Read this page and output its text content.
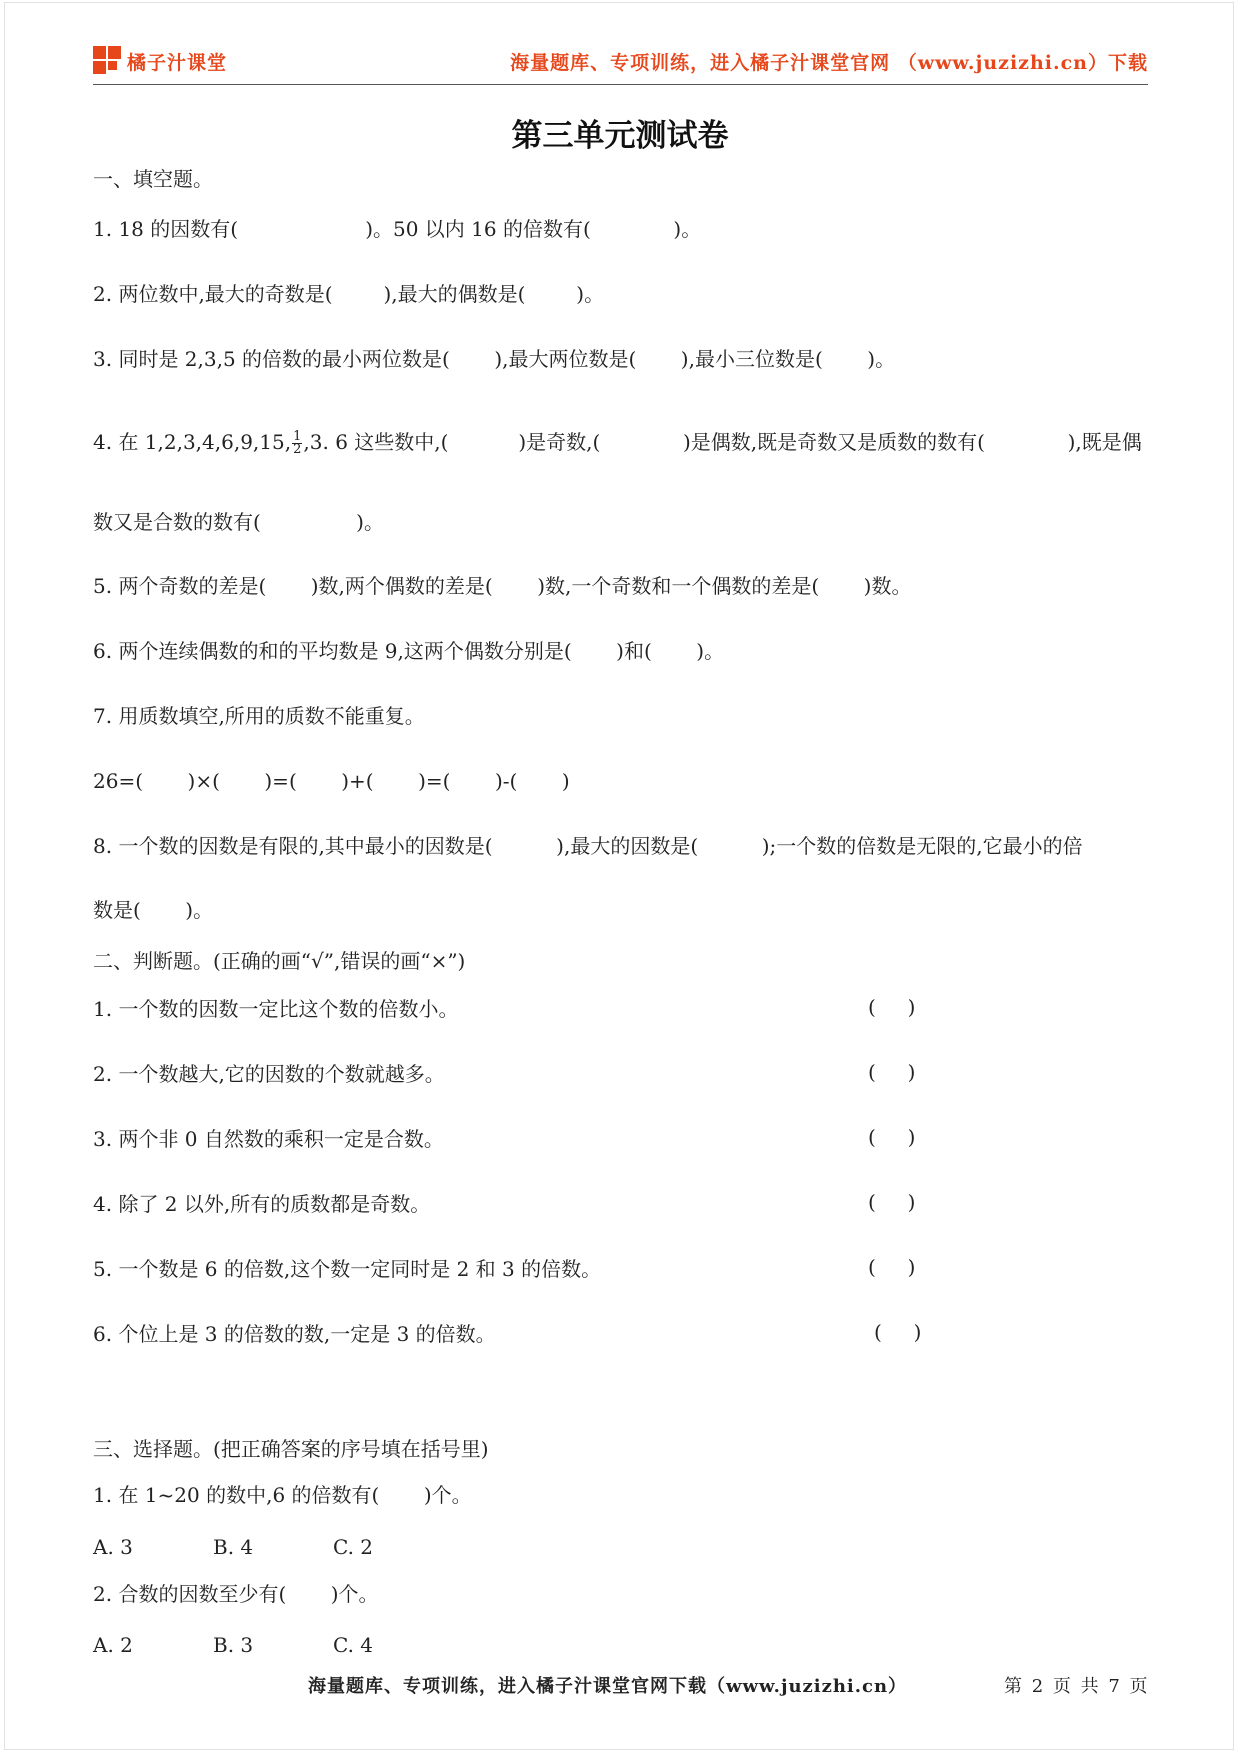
橘子汁课堂	海量题库、专项训练，进入橘子汁课堂官网 （www.juzizhi.cn）下载
第三单元测试卷
一、填空题。
1. 18 的因数有(                    )。50 以内 16 的倍数有(             )。
2. 两位数中,最大的奇数是(        ),最大的偶数是(        )。
3. 同时是 2,3,5 的倍数的最小两位数是(       ),最大两位数是(       ),最小三位数是(       )。
4. 在 1,2,3,4,6,9,15, $\frac{1}{2} ,3$. 6 这些数中,(           )是奇数,(             )是偶数,既是奇数又是质数的数有(             ),既是偶
数又是合数的数有(               )。
5. 两个奇数的差是(       )数,两个偶数的差是(       )数,一个奇数和一个偶数的差是(       )数。
6. 两个连续偶数的和的平均数是 9,这两个偶数分别是(       )和(       )。
7. 用质数填空,所用的质数不能重复。
26=(       )×(       )=(       )+(       )=(       )-(       )
8. 一个数的因数是有限的,其中最小的因数是(          ),最大的因数是(          );一个数的倍数是无限的,它最小的倍
数是(       )。
二、判断题。(正确的画“√”,错误的画“×”)
1. 一个数的因数一定比这个数的倍数小。	(     )
2. 一个数越大,它的因数的个数就越多。	(     )
3. 两个非 0 自然数的乘积一定是合数。	(     )
4. 除了 2 以外,所有的质数都是奇数。	(     )
5. 一个数是 6 的倍数,这个数一定同时是 2 和 3 的倍数。	(     )
6. 个位上是 3 的倍数的数,一定是 3 的倍数。	(     )
三、选择题。(把正确答案的序号填在括号里)
1. 在 1~20 的数中,6 的倍数有(       )个。
A. 3	B. 4	C. 2
2. 合数的因数至少有(       )个。
A. 2	B. 3	C. 4
海量题库、专项训练，进入橘子汁课堂官网下载（www.juzizhi.cn）	第 2 页 共 7 页
